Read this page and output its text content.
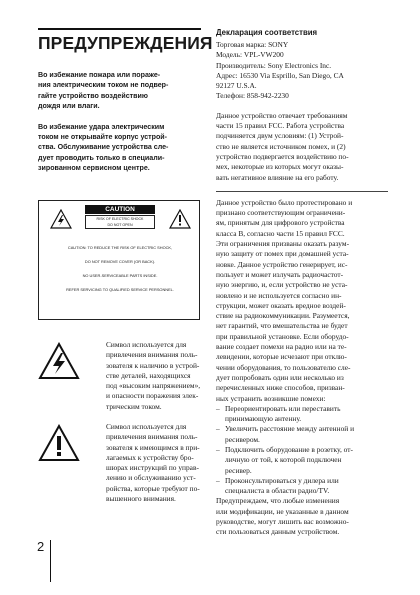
ПРЕДУПРЕЖДЕНИЯ
Во избежание пожара или пораже-
ния электрическим током не подвер-
гайте устройство воздействию
дождя или влаги.
Во избежание удара электрическим
током не открывайте корпус устрой-
ства. Обслуживание устройства сле-
дует проводить только в специали-
зированном сервисном центре.
CAUTION
RISK OF ELECTRIC SHOCK
DO NOT OPEN
CAUTION: TO REDUCE THE RISK OF ELECTRIC SHOCK,
DO NOT REMOVE COVER (OR BACK).
NO USER-SERVICEABLE PARTS INSIDE.
REFER SERVICING TO QUALIFIED SERVICE PERSONNEL.
Символ используется для
привлечения внимания поль-
зователя к наличию в устрой-
стве деталей, находящихся
под «высоким напряжением»,
и опасности поражения элек-
трическим током.
Символ используется для
привлечения внимания поль-
зователя к имеющимся в при-
лагаемых к устройству бро-
шюрах инструкций по управ-
лению и обслуживанию уст-
ройства, которые требуют по-
вышенного внимания.
2
Декларация соответствия
Торговая марка: SONY
Модель: VPL-VW200
Производитель: Sony Electronics Inc.
Адрес: 16530 Via Esprillo, San Diego, CA
92127 U.S.A.
Телефон: 858-942-2230
Данное устройство отвечает требованиям
части 15 правил FCC. Работа устройства
подчиняется двум условиям: (1) Устрой-
ство не является источником помех, и (2)
устройство подвергается воздействию по-
мех, некоторые из которых могут оказы-
вать негативное влияние на его работу.
Данное устройство было протестировано и
признано соответствующим ограничени-
ям, принятым для цифрового устройства
класса B, согласно части 15 правил FCC.
Эти ограничения призваны оказать разум-
ную защиту от помех при домашней уста-
новке. Данное устройство генерирует, ис-
пользует и может излучать радиочастот-
ную энергию, и, если устройство не уста-
новлено и не используется согласно ин-
струкции, может оказать вредное воздей-
ствие на радиокоммуникации. Разумеется,
нет гарантий, что вмешательства не будет
при правильной установке. Если оборудо-
вание создает помехи на радио или на те-
левидении, которые исчезают при отклю-
чении оборудования, то пользователю сле-
дует попробовать один или несколько из
перечисленных ниже способов, призван-
ных устранить возникшие помехи:
– Переориентировать или переставить
принимающую антенну.
– Увеличить расстояние между антенной и
ресивером.
– Подключить оборудование в розетку, от-
личную от той, к которой подключен
ресивер.
– Проконсультироваться у дилера или
специалиста в области радио/TV.
Предупреждаем, что любые изменения
или модификации, не указанные в данном
руководстве, могут лишить вас возможно-
сти пользоваться данным устройством.
